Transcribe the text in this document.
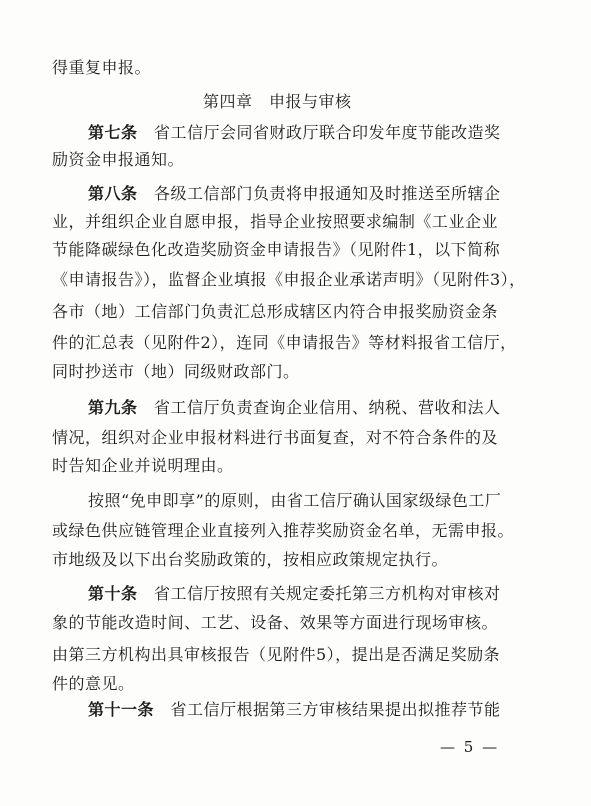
得重复申报。
第四章　申报与审核
第七条　省工信厅会同省财政厅联合印发年度节能改造奖
励资金申报通知。
第八条　各级工信部门负责将申报通知及时推送至所辖企
业，并组织企业自愿申报，指导企业按照要求编制《工业企业
节能降碳绿色化改造奖励资金申请报告》（见附件1，以下简称
《申请报告》），监督企业填报《申报企业承诺声明》（见附件3），
各市（地）工信部门负责汇总形成辖区内符合申报奖励资金条
件的汇总表（见附件2），连同《申请报告》等材料报省工信厅，
同时抄送市（地）同级财政部门。
第九条　省工信厅负责查询企业信用、纳税、营收和法人
情况，组织对企业申报材料进行书面复查，对不符合条件的及
时告知企业并说明理由。
按照“免申即享”的原则，由省工信厅确认国家级绿色工厂
或绿色供应链管理企业直接列入推荐奖励资金名单，无需申报。
市地级及以下出台奖励政策的，按相应政策规定执行。
第十条　省工信厅按照有关规定委托第三方机构对审核对
象的节能改造时间、工艺、设备、效果等方面进行现场审核。
由第三方机构出具审核报告（见附件5），提出是否满足奖励条
件的意见。
第十一条　省工信厅根据第三方审核结果提出拟推荐节能
— 5 —
